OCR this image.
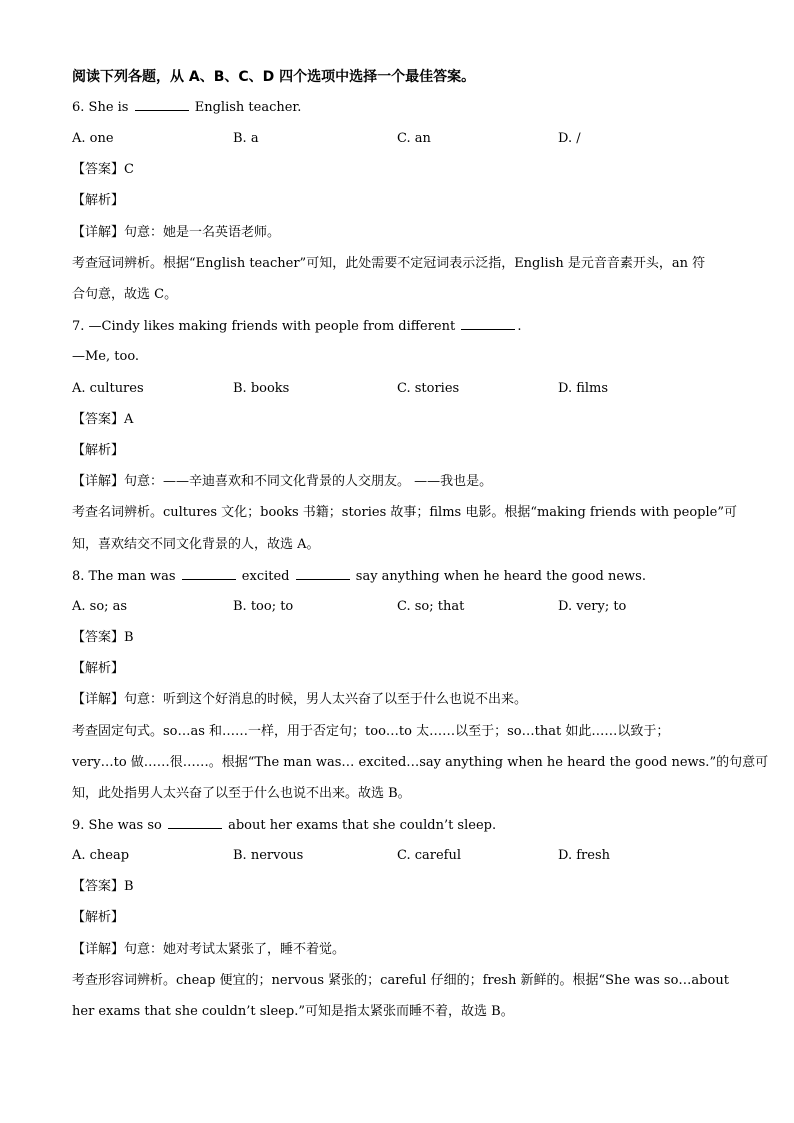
阅读下列各题，从 A、B、C、D 四个选项中选择一个最佳答案。
6. She is	English teacher.
A. one	B. a	C. an	D. /
【答案】C
【解析】
【详解】句意：她是一名英语老师。
考查冠词辨析。根据“English teacher”可知，此处需要不定冠词表示泛指，English 是元音音素开头，an 符
合句意，故选 C。
7. —Cindy likes making friends with people from different	.
—Me, too.
A. cultures	B. books	C. stories	D. films
【答案】A
【解析】
【详解】句意：——辛迪喜欢和不同文化背景的人交朋友。 ——我也是。
考查名词辨析。cultures 文化；books 书籍；stories 故事；films 电影。根据“making friends with people”可
知，喜欢结交不同文化背景的人，故选 A。
8. The man was	excited	say anything when he heard the good news.
A. so; as	B. too; to	C. so; that	D. very; to
【答案】B
【解析】
【详解】句意：听到这个好消息的时候，男人太兴奋了以至于什么也说不出来。
考查固定句式。so…as 和……一样，用于否定句；too…to 太……以至于；so…that 如此……以致于；
very…to 做……很……。根据“The man was… excited…say anything when he heard the good news.”的句意可
知，此处指男人太兴奋了以至于什么也说不出来。故选 B。
9. She was so	about her exams that she couldn’t sleep.
A. cheap	B. nervous	C. careful	D. fresh
【答案】B
【解析】
【详解】句意：她对考试太紧张了，睡不着觉。
考查形容词辨析。cheap 便宜的；nervous 紧张的；careful 仔细的；fresh 新鲜的。根据“She was so…about
her exams that she couldn’t sleep.”可知是指太紧张而睡不着，故选 B。
